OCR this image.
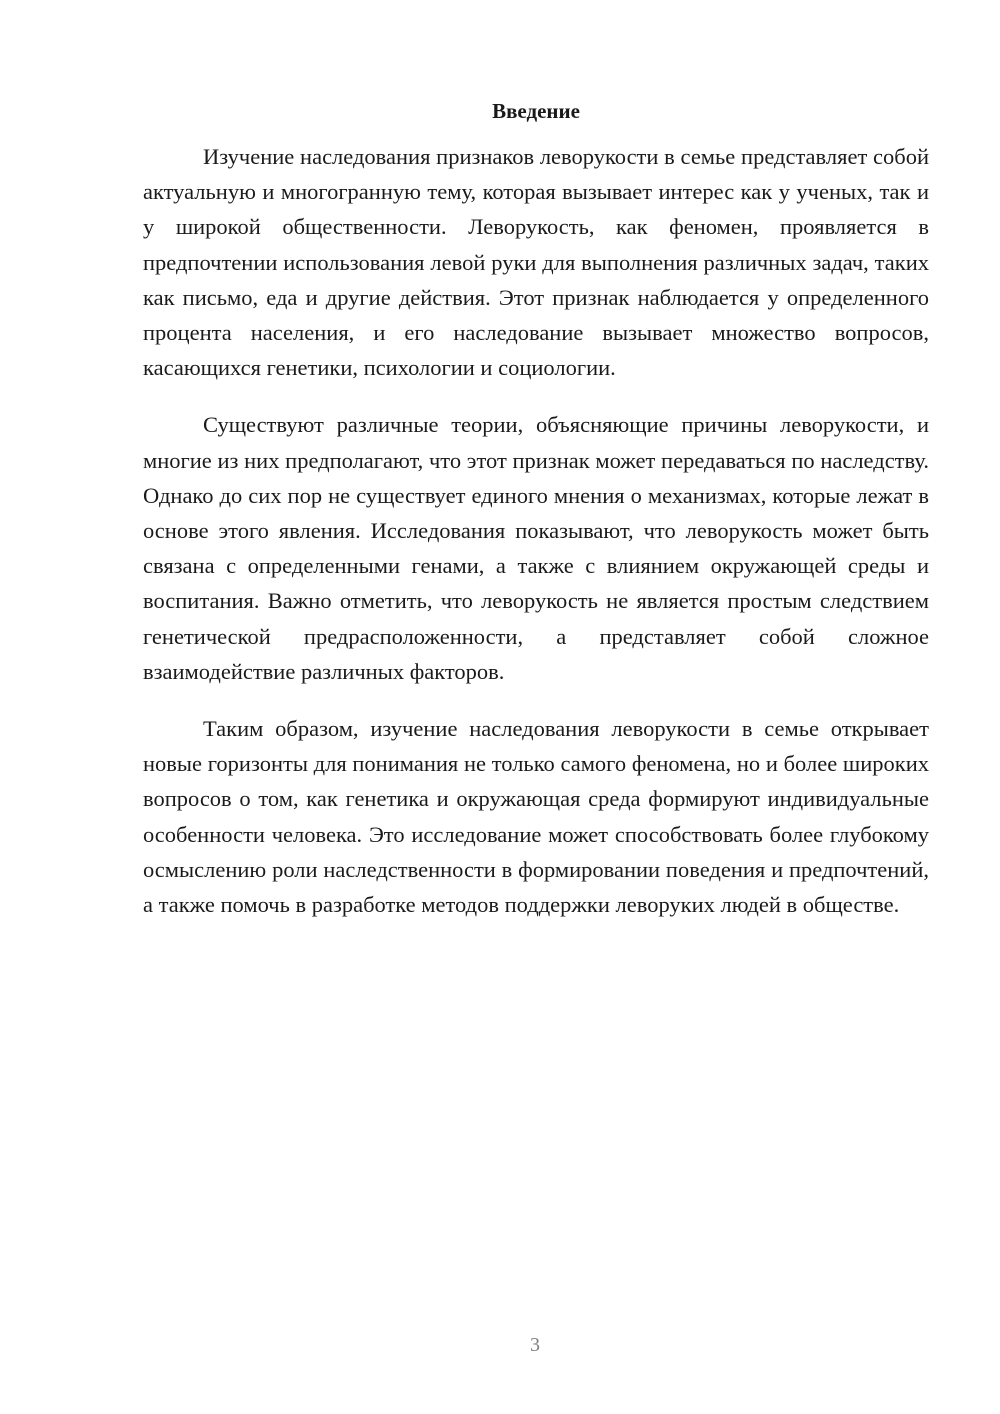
Введение

Изучение наследования признаков леворукости в семье представляет собой актуальную и многогранную тему, которая вызывает интерес как у ученых, так и у широкой общественности. Леворукость, как феномен, проявляется в предпочтении использования левой руки для выполнения различных задач, таких как письмо, еда и другие действия. Этот признак наблюдается у определенного процента населения, и его наследование вызывает множество вопросов, касающихся генетики, психологии и социологии.

Существуют различные теории, объясняющие причины леворукости, и многие из них предполагают, что этот признак может передаваться по наследству. Однако до сих пор не существует единого мнения о механизмах, которые лежат в основе этого явления. Исследования показывают, что леворукость может быть связана с определенными генами, а также с влиянием окружающей среды и воспитания. Важно отметить, что леворукость не является простым следствием генетической предрасположенности, а представляет собой сложное взаимодействие различных факторов.

Таким образом, изучение наследования леворукости в семье открывает новые горизонты для понимания не только самого феномена, но и более широких вопросов о том, как генетика и окружающая среда формируют индивидуальные особенности человека. Это исследование может способствовать более глубокому осмыслению роли наследственности в формировании поведения и предпочтений, а также помочь в разработке методов поддержки леворуких людей в обществе.

3
